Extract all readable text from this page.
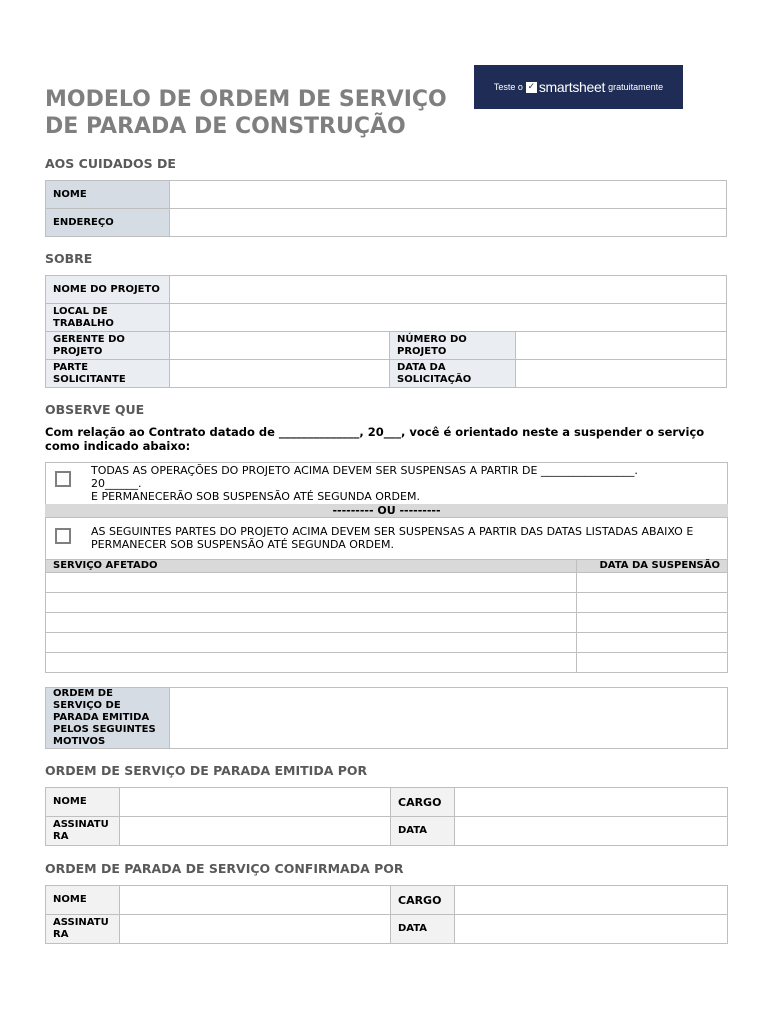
MODELO DE ORDEM DE SERVIÇO
DE PARADA DE CONSTRUÇÃO
Teste o ✓ smartsheet gratuitamente

AOS CUIDADOS DE

NOME	
ENDEREÇO	

SOBRE

NOME DO PROJETO			
LOCAL DE TRABALHO			
GERENTE DO PROJETO		NÚMERO DO PROJETO	
PARTE SOLICITANTE		DATA DA SOLICITAÇÃO	

OBSERVE QUE

Com relação ao Contrato datado de ______________, 20___, você é orientado neste a suspender o serviço como indicado abaixo:

TODAS AS OPERAÇÕES DO PROJETO ACIMA DEVEM SER SUSPENSAS A PARTIR DE _________________.
20______.
E PERMANECERÃO SOB SUSPENSÃO ATÉ SEGUNDA ORDEM.
--------- OU ---------
AS SEGUINTES PARTES DO PROJETO ACIMA DEVEM SER SUSPENSAS A PARTIR DAS DATAS LISTADAS ABAIXO E PERMANECER SOB SUSPENSÃO ATÉ SEGUNDA ORDEM.
SERVIÇO AFETADO	DATA DA SUSPENSÃO

ORDEM DE SERVIÇO DE PARADA EMITIDA PELOS SEGUINTES MOTIVOS	

ORDEM DE SERVIÇO DE PARADA EMITIDA POR

NOME		CARGO	
ASSINATURA		DATA	

ORDEM DE PARADA DE SERVIÇO CONFIRMADA POR

NOME		CARGO	
ASSINATURA		DATA	
